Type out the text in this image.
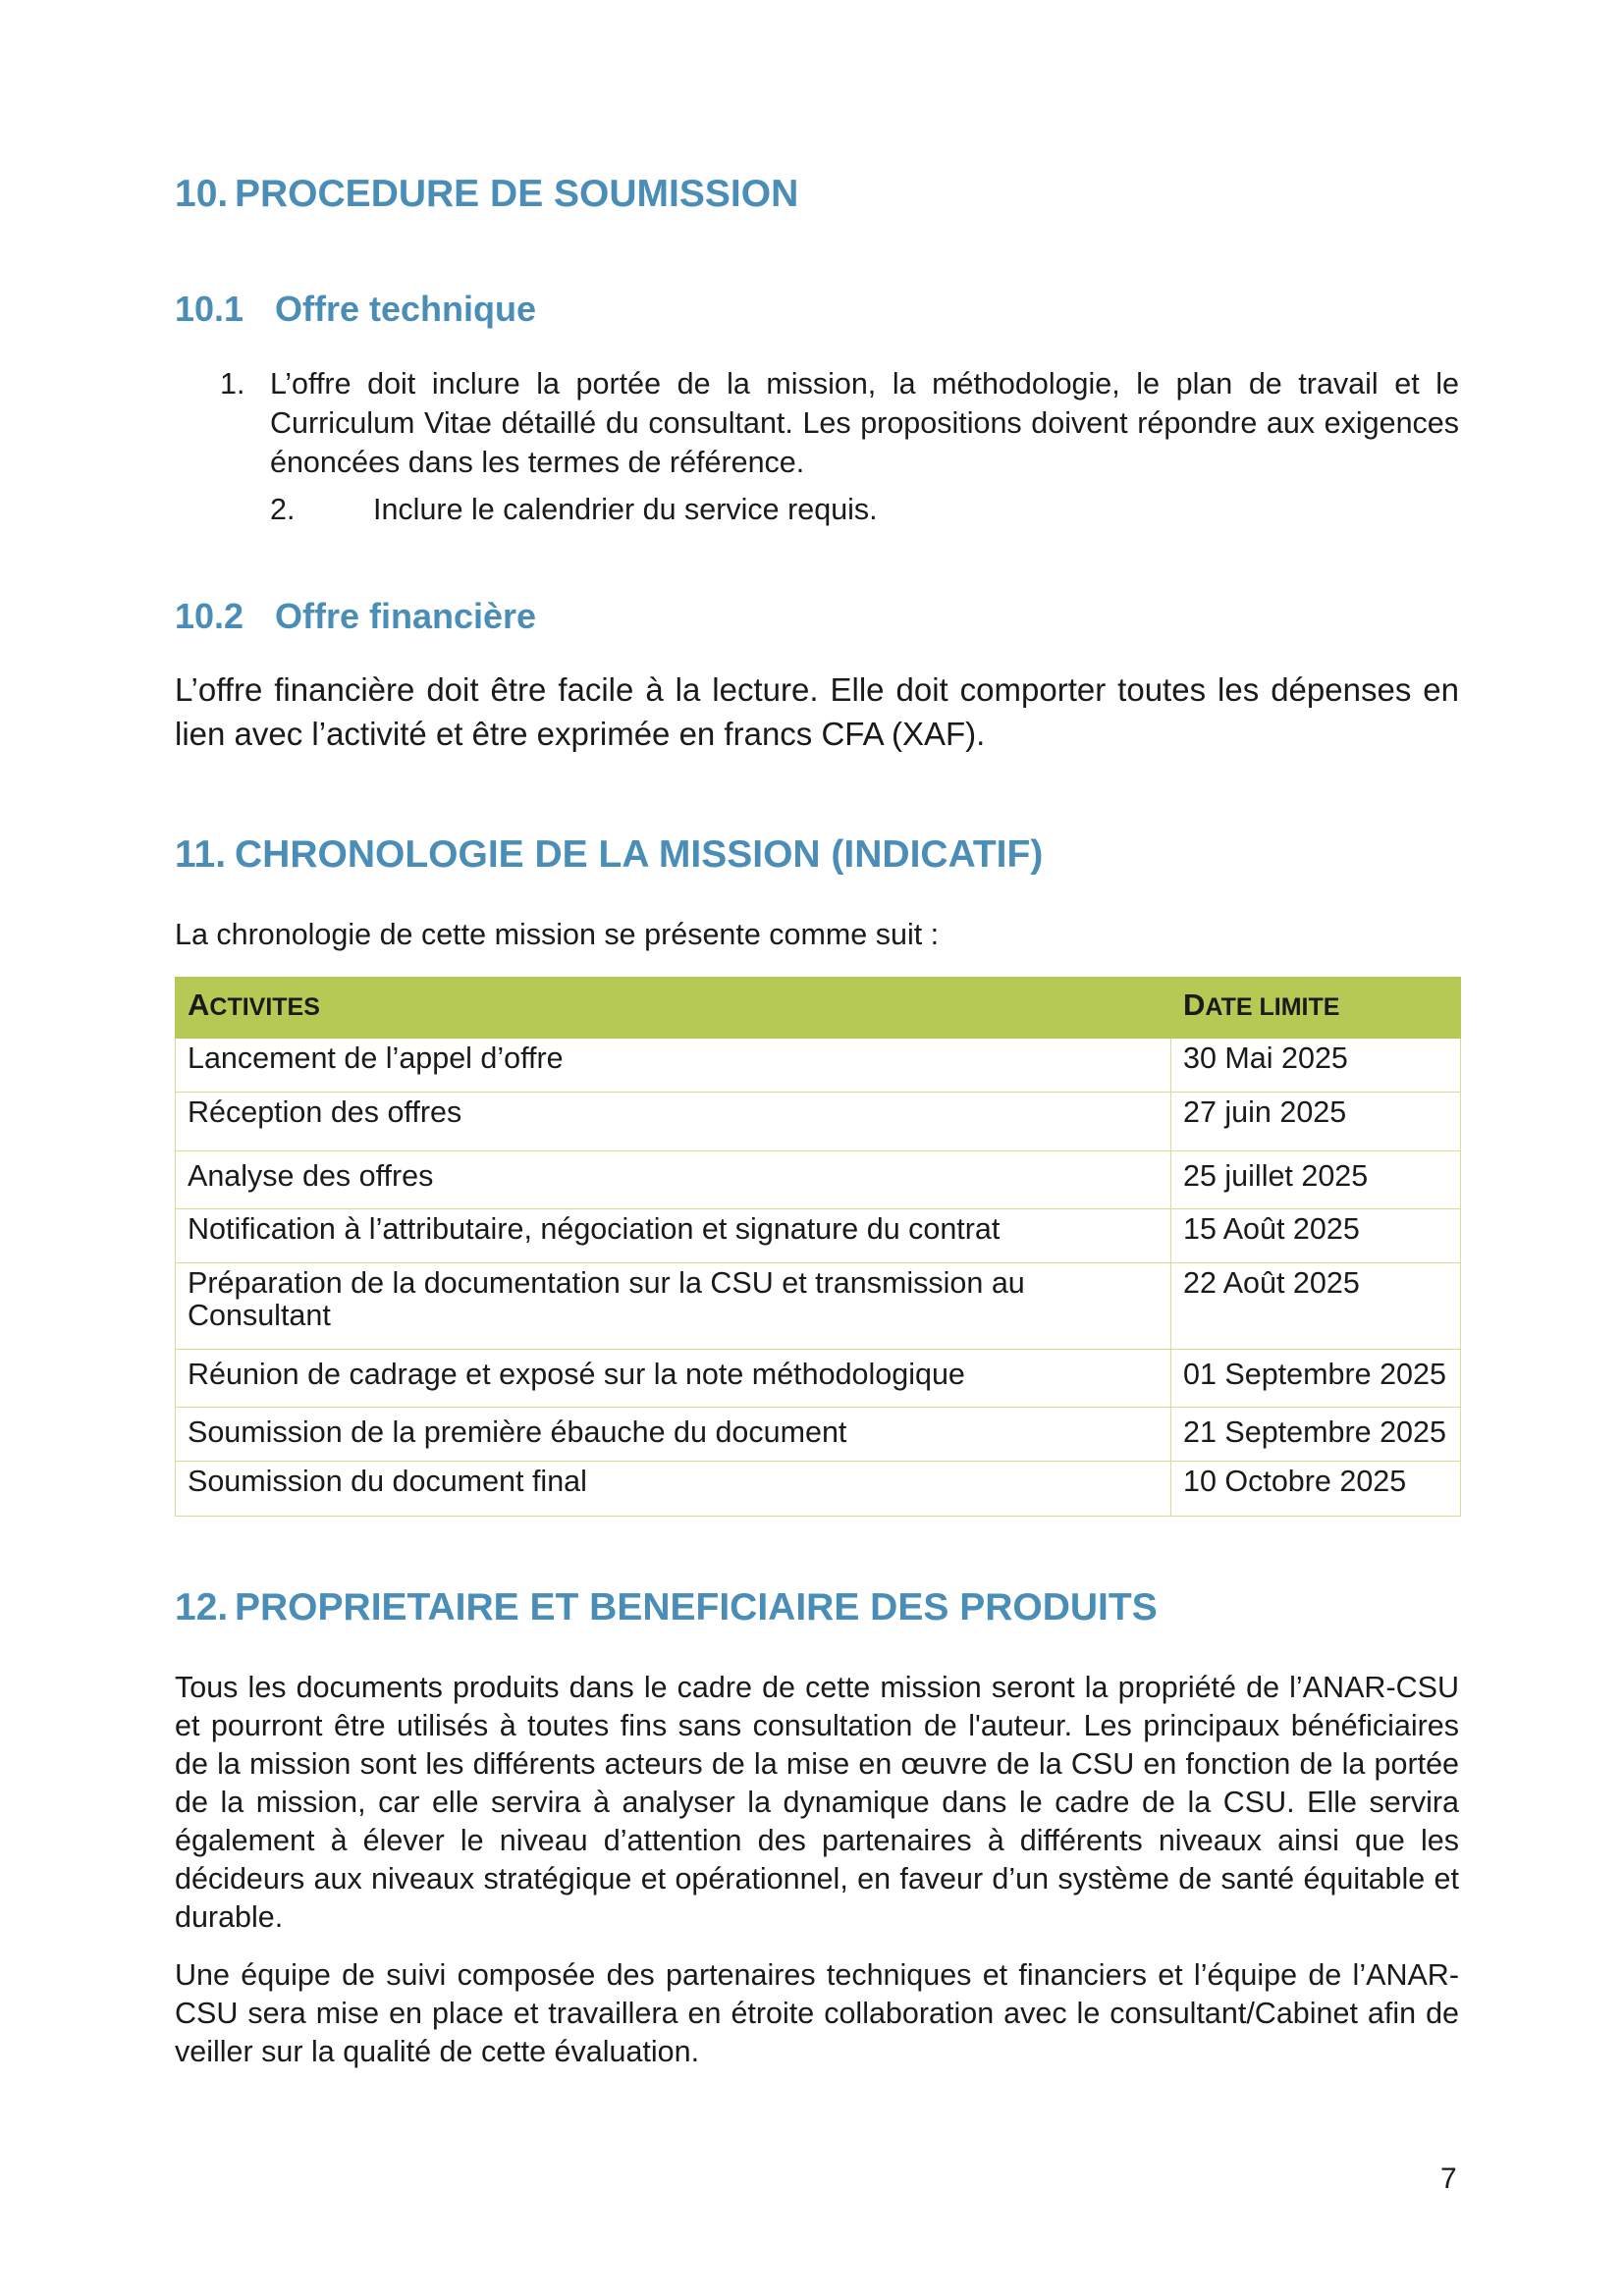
10. PROCEDURE DE SOUMISSION
10.1 Offre technique
1. L’offre doit inclure la portée de la mission, la méthodologie, le plan de travail et le Curriculum Vitae détaillé du consultant. Les propositions doivent répondre aux exigences énoncées dans les termes de référence.
2.	Inclure le calendrier du service requis.
10.2 Offre financière

L’offre financière doit être facile à la lecture. Elle doit comporter toutes les dépenses en lien avec l’activité et être exprimée en francs CFA (XAF).

11. CHRONOLOGIE DE LA MISSION (INDICATIF)

La chronologie de cette mission se présente comme suit :

ACTIVITES	DATE LIMITE
Lancement de l’appel d’offre	30 Mai 2025
Réception des offres	27 juin 2025
Analyse des offres	25 juillet 2025
Notification à l’attributaire, négociation et signature du contrat	15 Août 2025
Préparation de la documentation sur la CSU et transmission au Consultant	22 Août 2025
Réunion de cadrage et exposé sur la note méthodologique	01 Septembre 2025
Soumission de la première ébauche du document	21 Septembre 2025
Soumission du document final	10 Octobre 2025
12. PROPRIETAIRE ET BENEFICIAIRE DES PRODUITS

Tous les documents produits dans le cadre de cette mission seront la propriété de l’ANAR-CSU et pourront être utilisés à toutes fins sans consultation de l'auteur. Les principaux bénéficiaires de la mission sont les différents acteurs de la mise en œuvre de la CSU en fonction de la portée de la mission, car elle servira à analyser la dynamique dans le cadre de la CSU. Elle servira également à élever le niveau d’attention des partenaires à différents niveaux ainsi que les décideurs aux niveaux stratégique et opérationnel, en faveur d’un système de santé équitable et durable.

Une équipe de suivi composée des partenaires techniques et financiers et l’équipe de l’ANAR-CSU sera mise en place et travaillera en étroite collaboration avec le consultant/Cabinet afin de veiller sur la qualité de cette évaluation.

7
